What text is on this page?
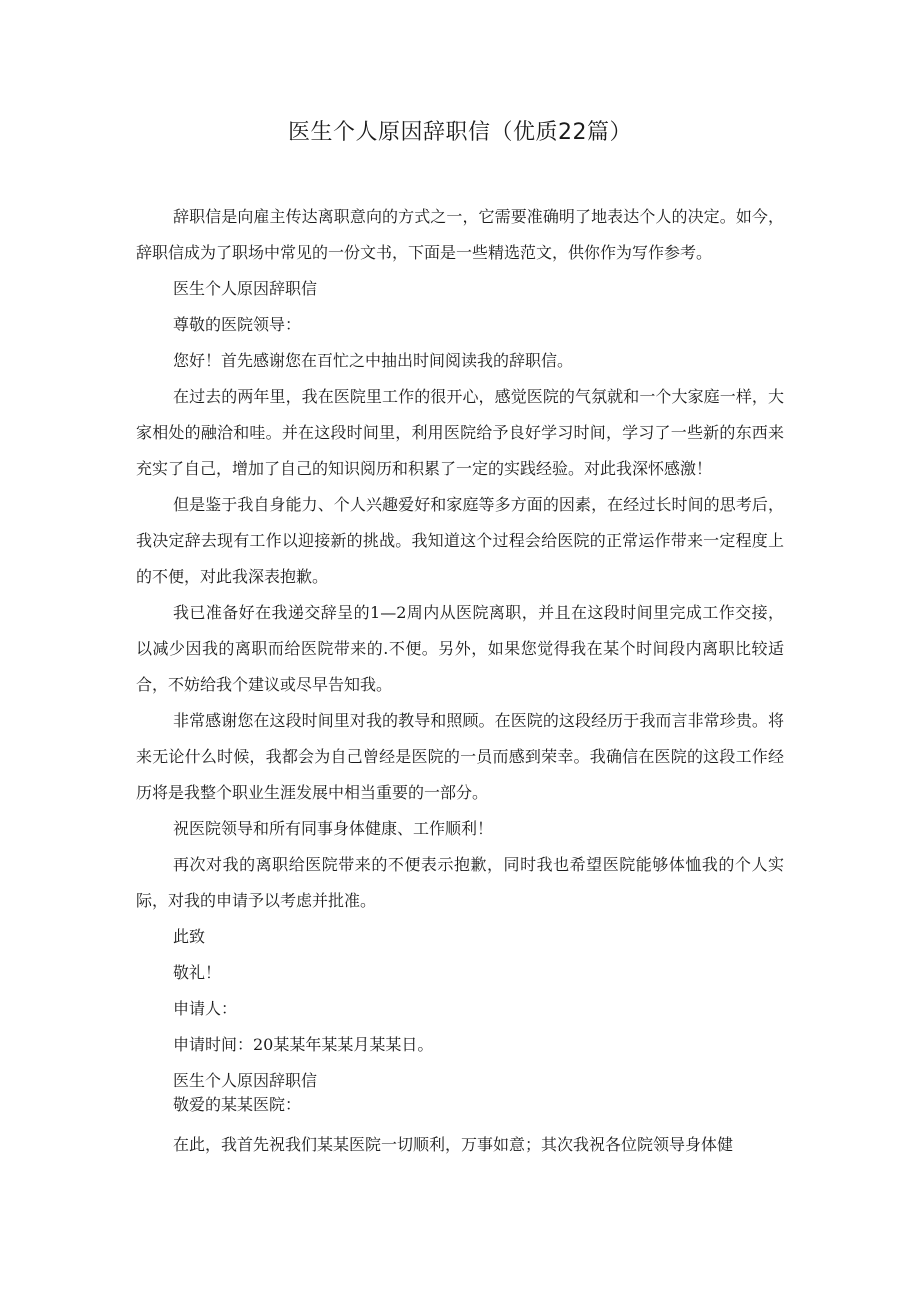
医生个人原因辞职信（优质22篇）

辞职信是向雇主传达离职意向的方式之一，它需要准确明了地表达个人的决定。如今，辞职信成为了职场中常见的一份文书，下面是一些精选范文，供你作为写作参考。

医生个人原因辞职信

尊敬的医院领导：

您好！首先感谢您在百忙之中抽出时间阅读我的辞职信。

在过去的两年里，我在医院里工作的很开心，感觉医院的气氛就和一个大家庭一样，大家相处的融洽和哇。并在这段时间里，利用医院给予良好学习时间，学习了一些新的东西来充实了自己，增加了自己的知识阅历和积累了一定的实践经验。对此我深怀感激！

但是鉴于我自身能力、个人兴趣爱好和家庭等多方面的因素，在经过长时间的思考后，我决定辞去现有工作以迎接新的挑战。我知道这个过程会给医院的正常运作带来一定程度上的不便，对此我深表抱歉。

我已准备好在我递交辞呈的1—2周内从医院离职，并且在这段时间里完成工作交接，以减少因我的离职而给医院带来的.不便。另外，如果您觉得我在某个时间段内离职比较适合，不妨给我个建议或尽早告知我。

非常感谢您在这段时间里对我的教导和照顾。在医院的这段经历于我而言非常珍贵。将来无论什么时候，我都会为自己曾经是医院的一员而感到荣幸。我确信在医院的这段工作经历将是我整个职业生涯发展中相当重要的一部分。

祝医院领导和所有同事身体健康、工作顺利！

再次对我的离职给医院带来的不便表示抱歉，同时我也希望医院能够体恤我的个人实际，对我的申请予以考虑并批准。

此致

敬礼！

申请人：

申请时间：20某某年某某月某某日。

医生个人原因辞职信

敬爱的某某医院：

在此，我首先祝我们某某医院一切顺利，万事如意；其次我祝各位院领导身体健
